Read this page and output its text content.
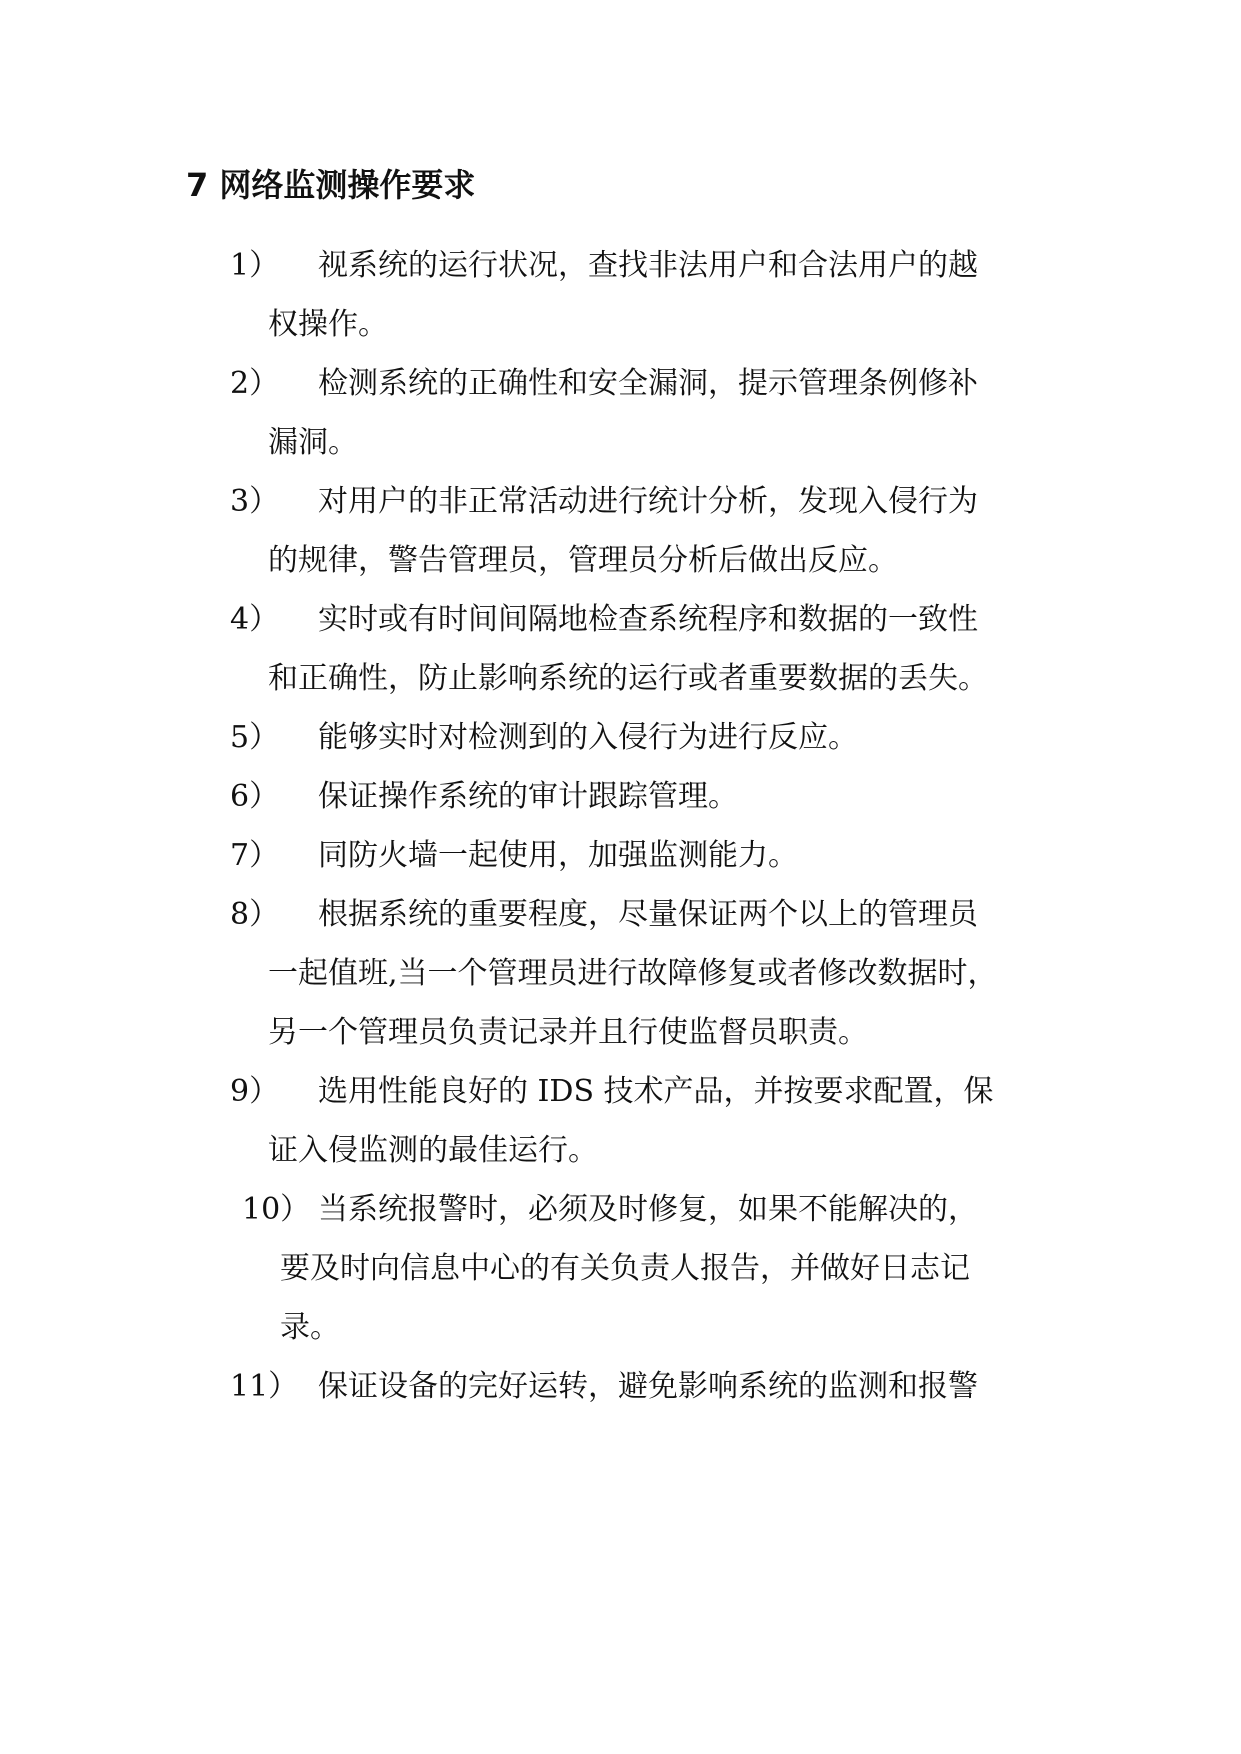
7 网络监测操作要求
1） 视系统的运行状况，查找非法用户和合法用户的越
权操作。
2） 检测系统的正确性和安全漏洞，提示管理条例修补
漏洞。
3） 对用户的非正常活动进行统计分析，发现入侵行为
的规律，警告管理员，管理员分析后做出反应。
4） 实时或有时间间隔地检查系统程序和数据的一致性
和正确性，防止影响系统的运行或者重要数据的丢失。
5） 能够实时对检测到的入侵行为进行反应。
6） 保证操作系统的审计跟踪管理。
7） 同防火墙一起使用，加强监测能力。
8） 根据系统的重要程度，尽量保证两个以上的管理员
一起值班,当一个管理员进行故障修复或者修改数据时，
另一个管理员负责记录并且行使监督员职责。
9） 选用性能良好的 IDS 技术产品，并按要求配置，保
证入侵监测的最佳运行。
10） 当系统报警时，必须及时修复，如果不能解决的，
要及时向信息中心的有关负责人报告，并做好日志记
录。
11） 保证设备的完好运转，避免影响系统的监测和报警
